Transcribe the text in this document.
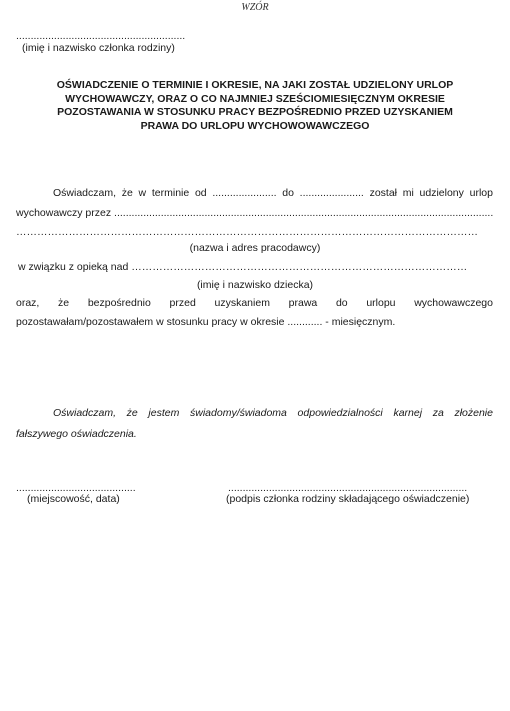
WZÓR
..........................................................
(imię i nazwisko członka rodziny)
OŚWIADCZENIE O TERMINIE I OKRESIE, NA JAKI ZOSTAŁ UDZIELONY URLOP WYCHOWAWCZY, ORAZ O CO NAJMNIEJ SZEŚCIOMIESIĘCZNYM OKRESIE POZOSTAWANIA W STOSUNKU PRACY BEZPOŚREDNIO PRZED UZYSKANIEM PRAWA DO URLOPU WYCHOWOWAWCZEGO
Oświadczam, że w terminie od ...................... do ...................... został mi udzielony urlop
wychowawczy przez ..................................................................................................................................
……………………………………………………………………………………………………………………
(nazwa i adres pracodawcy)
w związku z opieką nad ……………………………………………………………………………………
(imię i nazwisko dziecka)
oraz, że bezpośrednio przed uzyskaniem prawa do urlopu wychowawczego
pozostawałam/pozostawałem w stosunku pracy w okresie ............ - miesięcznym.
Oświadczam, że jestem świadomy/świadoma odpowiedzialności karnej za złożenie
fałszywego oświadczenia.
.........................................
(miejscowość, data)
..................................................................................
(podpis członka rodziny składającego oświadczenie)
